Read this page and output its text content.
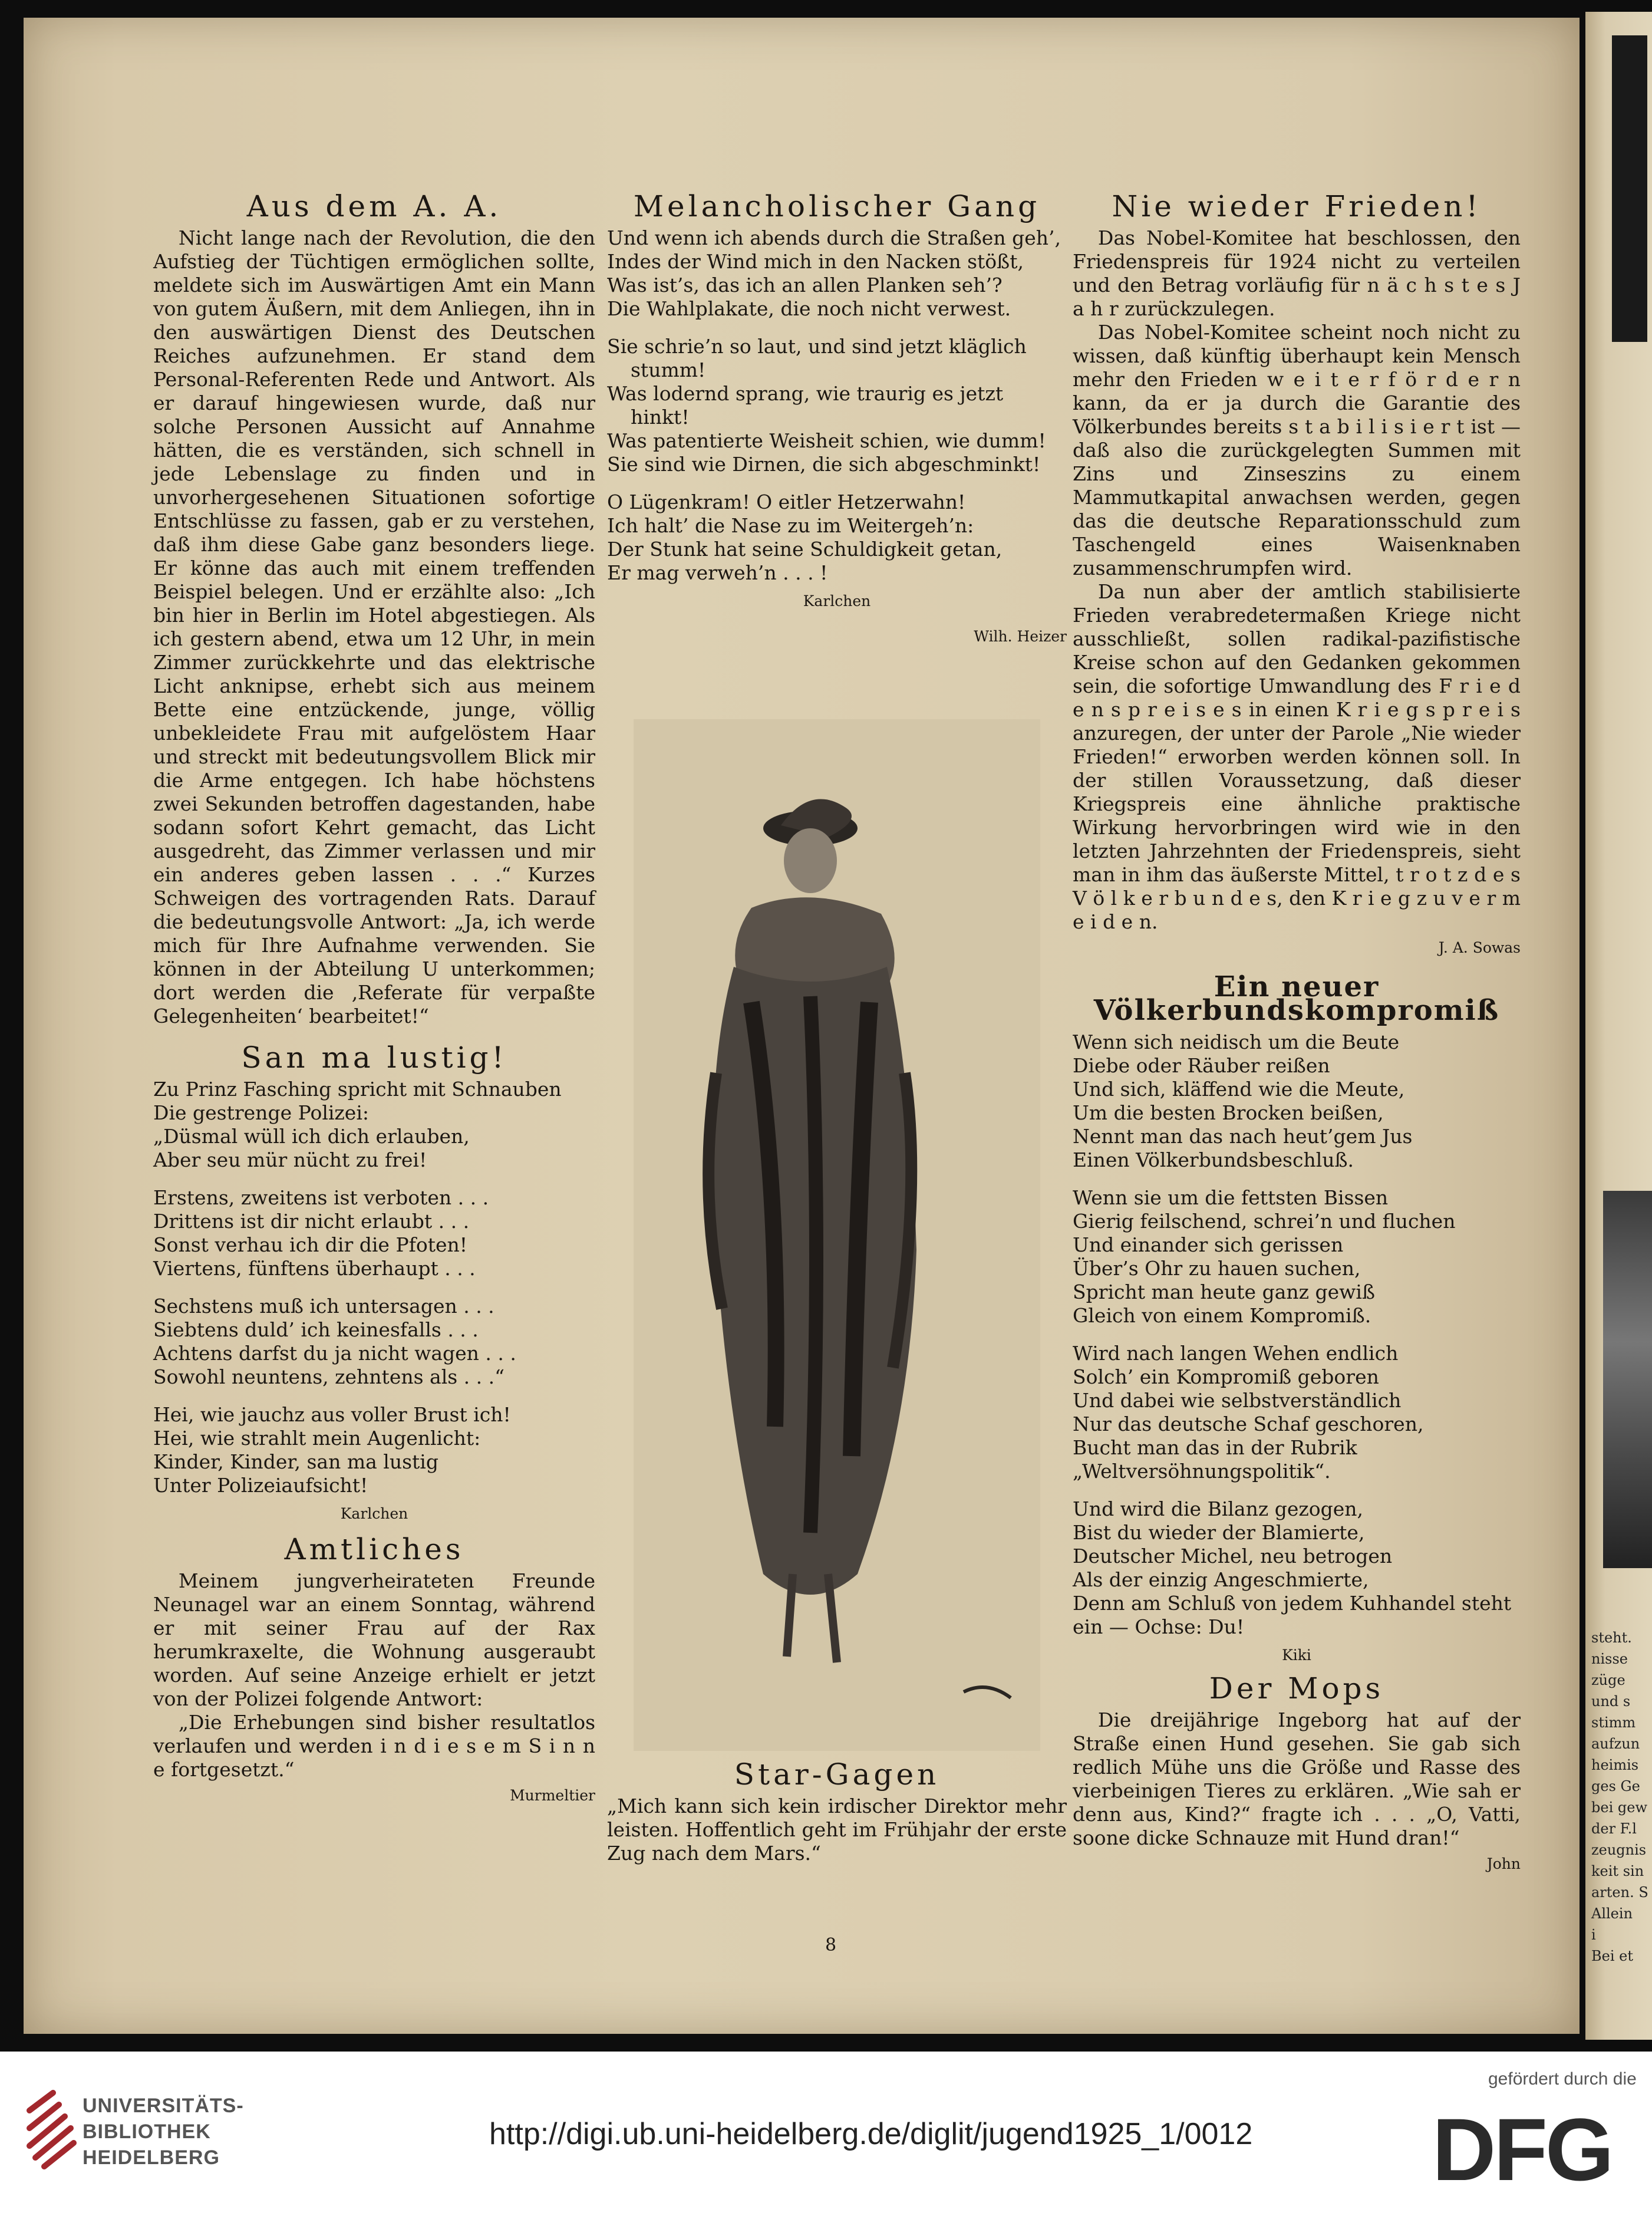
Aus dem A. A.

Nicht lange nach der Revolution, die den Aufstieg der Tüchtigen ermöglichen sollte, meldete sich im Auswärtigen Amt ein Mann von gutem Äußern, mit dem Anliegen, ihn in den auswärtigen Dienst des Deutschen Reiches aufzunehmen. Er stand dem Personal-Referenten Rede und Antwort. Als er darauf hingewiesen wurde, daß nur solche Personen Aussicht auf Annahme hätten, die es verständen, sich schnell in jede Lebenslage zu finden und in unvorhergesehenen Situationen sofortige Entschlüsse zu fassen, gab er zu verstehen, daß ihm diese Gabe ganz besonders liege. Er könne das auch mit einem treffenden Beispiel belegen. Und er erzählte also: „Ich bin hier in Berlin im Hotel abgestiegen. Als ich gestern abend, etwa um 12 Uhr, in mein Zimmer zurückkehrte und das elektrische Licht anknipse, erhebt sich aus meinem Bette eine entzückende, junge, völlig unbekleidete Frau mit aufgelöstem Haar und streckt mit bedeutungsvollem Blick mir die Arme entgegen. Ich habe höchstens zwei Sekunden betroffen dagestanden, habe sodann sofort Kehrt gemacht, das Licht ausgedreht, das Zimmer verlassen und mir ein anderes geben lassen . . .“ Kurzes Schweigen des vortragenden Rats. Darauf die bedeutungsvolle Antwort: „Ja, ich werde mich für Ihre Aufnahme verwenden. Sie können in der Abteilung U unterkommen; dort werden die ‚Referate für verpaßte Gelegenheiten‘ bearbeitet!“

San ma lustig!
Zu Prinz Fasching spricht mit Schnauben
Die gestrenge Polizei:
„Düsmal wüll ich dich erlauben,
Aber seu mür nücht zu frei!
Erstens, zweitens ist verboten . . .
Drittens ist dir nicht erlaubt . . .
Sonst verhau ich dir die Pfoten!
Viertens, fünftens überhaupt . . .
Sechstens muß ich untersagen . . .
Siebtens duld’ ich keinesfalls . . .
Achtens darfst du ja nicht wagen . . .
Sowohl neuntens, zehntens als . . .“
Hei, wie jauchz aus voller Brust ich!
Hei, wie strahlt mein Augenlicht:
Kinder, Kinder, san ma lustig
Unter Polizeiaufsicht!
Karlchen
Amtliches

Meinem jungverheirateten Freunde Neunagel war an einem Sonntag, während er mit seiner Frau auf der Rax herumkraxelte, die Wohnung ausgeraubt worden. Auf seine Anzeige erhielt er jetzt von der Polizei folgende Antwort:

„Die Erhebungen sind bisher resultatlos verlaufen und werden i n d i e s e m S i n n e fortgesetzt.“

Murmeltier
Melancholischer Gang
Und wenn ich abends durch die Straßen geh’,
Indes der Wind mich in den Nacken stößt,
Was ist’s, das ich an allen Planken seh’?
Die Wahlplakate, die noch nicht verwest.
Sie schrie’n so laut, und sind jetzt kläglich
stumm!
Was lodernd sprang, wie traurig es jetzt
hinkt!
Was patentierte Weisheit schien, wie dumm!
Sie sind wie Dirnen, die sich abgeschminkt!
O Lügenkram! O eitler Hetzerwahn!
Ich halt’ die Nase zu im Weitergeh’n:
Der Stunk hat seine Schuldigkeit getan,
Er mag verweh’n . . . !
Karlchen
Wilh. Heizer
Star-Gagen

„Mich kann sich kein irdischer Direktor mehr leisten. Hoffentlich geht im Frühjahr der erste Zug nach dem Mars.“

Nie wieder Frieden!

Das Nobel-Komitee hat beschlossen, den Friedenspreis für 1924 nicht zu verteilen und den Betrag vorläufig für n ä c h s t e s J a h r zurückzulegen.

Das Nobel-Komitee scheint noch nicht zu wissen, daß künftig überhaupt kein Mensch mehr den Frieden w e i t e r f ö r d e r n kann, da er ja durch die Garantie des Völkerbundes bereits s t a b i l i s i e r t ist — daß also die zurückgelegten Summen mit Zins und Zinseszins zu einem Mammutkapital anwachsen werden, gegen das die deutsche Reparationsschuld zum Taschengeld eines Waisenknaben zusammenschrumpfen wird.

Da nun aber der amtlich stabilisierte Frieden verabredetermaßen Kriege nicht ausschließt, sollen radikal-pazifistische Kreise schon auf den Gedanken gekommen sein, die sofortige Umwandlung des F r i e d e n s p r e i s e s in einen K r i e g s p r e i s anzuregen, der unter der Parole „Nie wieder Frieden!“ erworben werden können soll. In der stillen Voraussetzung, daß dieser Kriegspreis eine ähnliche praktische Wirkung hervorbringen wird wie in den letzten Jahrzehnten der Friedenspreis, sieht man in ihm das äußerste Mittel, t r o t z d e s V ö l k e r b u n d e s, den K r i e g z u v e r m e i d e n.

J. A. Sowas
Ein neuer Völkerbundskompromiß
Wenn sich neidisch um die Beute
Diebe oder Räuber reißen
Und sich, kläffend wie die Meute,
Um die besten Brocken beißen,
Nennt man das nach heut’gem Jus
Einen Völkerbundsbeschluß.
Wenn sie um die fettsten Bissen
Gierig feilschend, schrei’n und fluchen
Und einander sich gerissen
Über’s Ohr zu hauen suchen,
Spricht man heute ganz gewiß
Gleich von einem Kompromiß.
Wird nach langen Wehen endlich
Solch’ ein Kompromiß geboren
Und dabei wie selbstverständlich
Nur das deutsche Schaf geschoren,
Bucht man das in der Rubrik
„Weltversöhnungspolitik“.
Und wird die Bilanz gezogen,
Bist du wieder der Blamierte,
Deutscher Michel, neu betrogen
Als der einzig Angeschmierte,
Denn am Schluß von jedem Kuhhandel steht ein — Ochse: Du!
Kiki
Der Mops

Die dreijährige Ingeborg hat auf der Straße einen Hund gesehen. Sie gab sich redlich Mühe uns die Größe und Rasse des vierbeinigen Tieres zu erklären. „Wie sah er denn aus, Kind?“ fragte ich . . . „O, Vatti, soone dicke Schnauze mit Hund dran!“

John
8
steht.
nisse
züge
und s
stimm
aufzun
heimis
ges Ge
bei gew
der F.l
zeugnis
keit sin
arten. S
Allein
i
Bei et
UNIVERSITÄTS-
BIBLIOTHEK
HEIDELBERG
http://digi.ub.uni-heidelberg.de/diglit/jugend1925_1/0012
gefördert durch die
DFG
